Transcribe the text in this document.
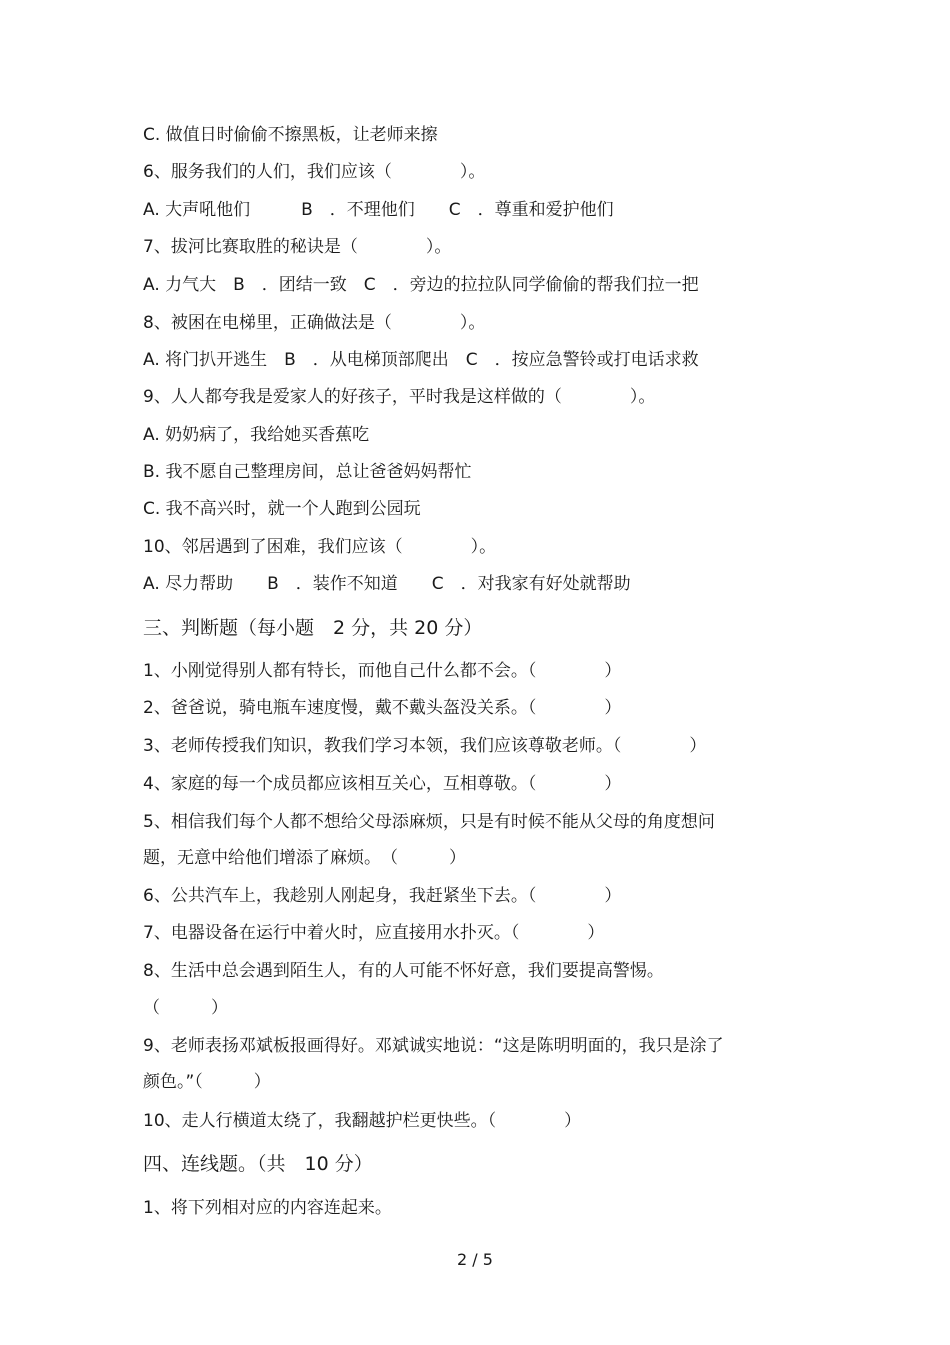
C. 做值日时偷偷不擦黑板，让老师来擦
6、服务我们的人们，我们应该（　　　　）。
A. 大声吼他们　　　B　．不理他们　　C　．尊重和爱护他们
7、拔河比赛取胜的秘诀是（　　　　）。
A. 力气大　B　．团结一致　C　．旁边的拉拉队同学偷偷的帮我们拉一把
8、被困在电梯里，正确做法是（　　　　）。
A. 将门扒开逃生　B　．从电梯顶部爬出　C　．按应急警铃或打电话求救
9、人人都夸我是爱家人的好孩子，平时我是这样做的（　　　　）。
A. 奶奶病了，我给她买香蕉吃
B. 我不愿自己整理房间，总让爸爸妈妈帮忙
C. 我不高兴时，就一个人跑到公园玩
10、邻居遇到了困难，我们应该（　　　　）。
A. 尽力帮助　　B　．装作不知道　　C　．对我家有好处就帮助
三、判断题（每小题　2 分，共 20 分）
1、小刚觉得别人都有特长，而他自己什么都不会。（　　　　）
2、爸爸说，骑电瓶车速度慢，戴不戴头盔没关系。（　　　　）
3、老师传授我们知识，教我们学习本领，我们应该尊敬老师。（　　　　）
4、家庭的每一个成员都应该相互关心，互相尊敬。（　　　　）
5、相信我们每个人都不想给父母添麻烦，只是有时候不能从父母的角度想问
题，无意中给他们增添了麻烦。　（　　　）
6、公共汽车上，我趁别人刚起身，我赶紧坐下去。（　　　　）
7、电器设备在运行中着火时，应直接用水扑灭。（　　　　）
8、生活中总会遇到陌生人，有的人可能不怀好意，我们要提高警惕。
（　　　）
9、老师表扬邓斌板报画得好。邓斌诚实地说：“这是陈明明面的，我只是涂了
颜色。”（　　　）
10、走人行横道太绕了，我翻越护栏更快些。（　　　　）
四、连线题。（共　10 分）
1、将下列相对应的内容连起来。
2 / 5
